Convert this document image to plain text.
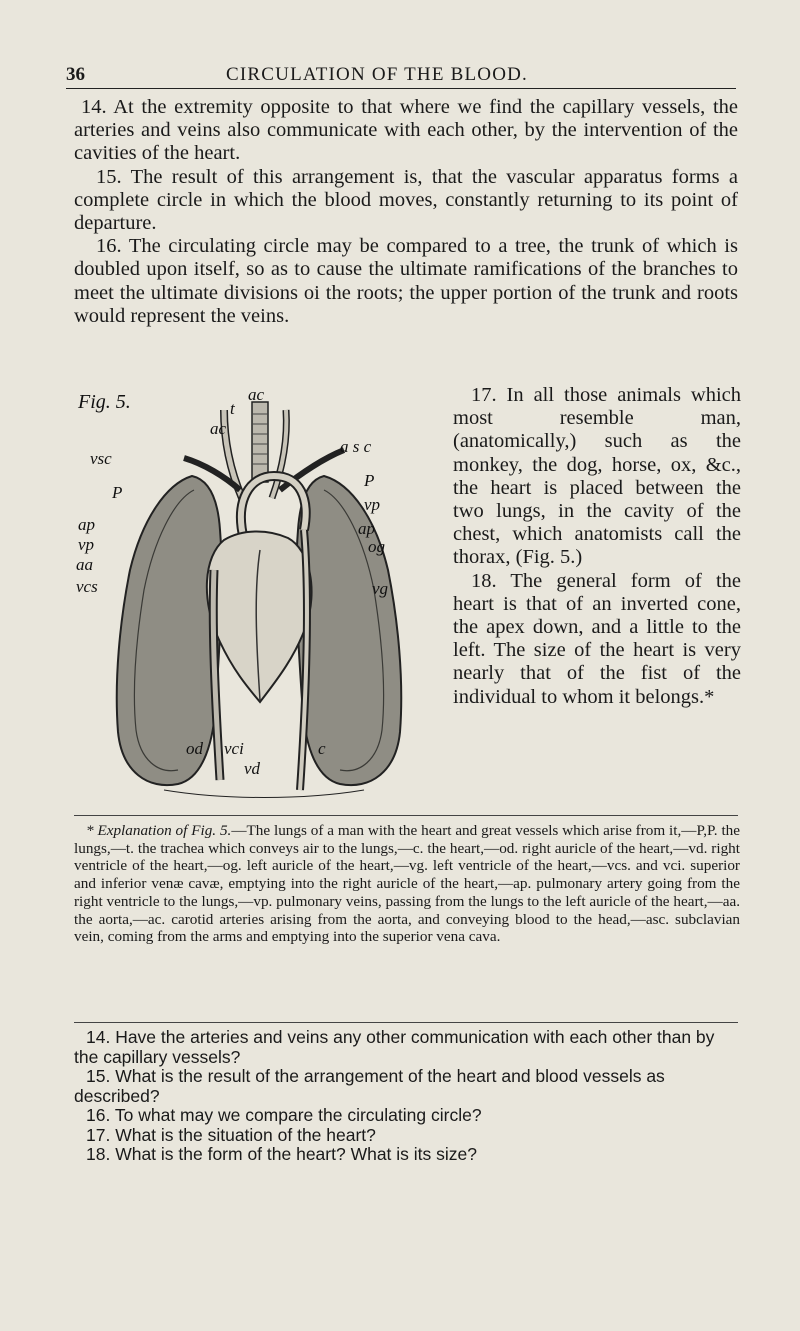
36	CIRCULATION OF THE BLOOD.

14. At the extremity opposite to that where we find the capillary vessels, the arteries and veins also communicate with each other, by the intervention of the cavities of the heart.

15. The result of this arrangement is, that the vascular apparatus forms a complete circle in which the blood moves, constantly returning to its point of departure.

16. The circulating circle may be compared to a tree, the trunk of which is doubled upon itself, so as to cause the ultimate ramifications of the branches to meet the ultimate divisions oi the roots; the upper portion of the trunk and roots would represent the veins.

Fig. 5.	t
ac
ac
vsc
a s c
P
P
vp
ap
vp
ap
og
aa
vcs	vg
od vci
vd
c

17. In all those animals which most resemble man, (anatomically,) such as the monkey, the dog, horse, ox, &c., the heart is placed between the two lungs, in the cavity of the chest, which anatomists call the thorax, (Fig. 5.)

18. The general form of the heart is that of an inverted cone, the apex down, and a little to the left. The size of the heart is very nearly that of the fist of the individual to whom it belongs.*

* Explanation of Fig. 5.—The lungs of a man with the heart and great vessels which arise from it,—P,P. the lungs,—t. the trachea which conveys air to the lungs,—c. the heart,—od. right auricle of the heart,—vd. right ventricle of the heart,—og. left auricle of the heart,—vg. left ventricle of the heart,—vcs. and vci. superior and inferior venæ cavæ, emptying into the right auricle of the heart,—ap. pulmonary artery going from the right ventricle to the lungs,—vp. pulmonary veins, passing from the lungs to the left auricle of the heart,—aa. the aorta,—ac. carotid arteries arising from the aorta, and conveying blood to the head,—asc. subclavian vein, coming from the arms and emptying into the superior vena cava.

14. Have the arteries and veins any other communication with each other than by the capillary vessels?

15. What is the result of the arrangement of the heart and blood vessels as described?

16. To what may we compare the circulating circle?

17. What is the situation of the heart?

18. What is the form of the heart? What is its size?
